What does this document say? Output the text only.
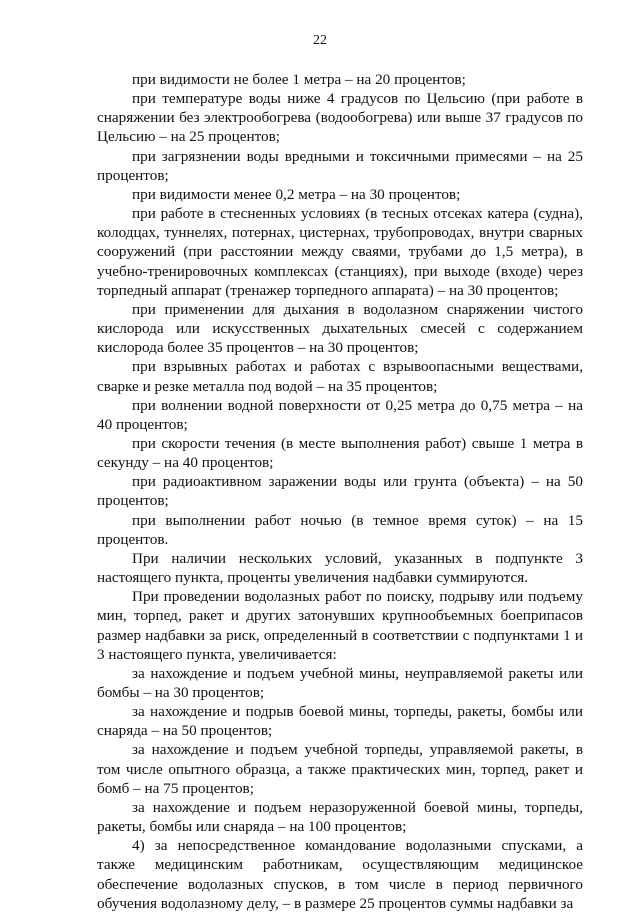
22

при видимости не более 1 метра – на 20 процентов;

при температуре воды ниже 4 градусов по Цельсию (при работе в снаряжении без электрообогрева (водообогрева) или выше 37 градусов по Цельсию – на 25 процентов;

при загрязнении воды вредными и токсичными примесями – на 25 процентов;

при видимости менее 0,2 метра – на 30 процентов;

при работе в стесненных условиях (в тесных отсеках катера (судна), колодцах, туннелях, потернах, цистернах, трубопроводах, внутри сварных сооружений (при расстоянии между сваями, трубами до 1,5 метра), в учебно-тренировочных комплексах (станциях), при выходе (входе) через торпедный аппарат (тренажер торпедного аппарата) – на 30 процентов;

при применении для дыхания в водолазном снаряжении чистого кислорода или искусственных дыхательных смесей с содержанием кислорода более 35 процентов – на 30 процентов;

при взрывных работах и работах с взрывоопасными веществами, сварке и резке металла под водой – на 35 процентов;

при волнении водной поверхности от 0,25 метра до 0,75 метра – на 40 процентов;

при скорости течения (в месте выполнения работ) свыше 1 метра в секунду – на 40 процентов;

при радиоактивном заражении воды или грунта (объекта) – на 50 процентов;

при выполнении работ ночью (в темное время суток) – на 15 процентов.

При наличии нескольких условий, указанных в подпункте 3 настоящего пункта, проценты увеличения надбавки суммируются.

При проведении водолазных работ по поиску, подрыву или подъему мин, торпед, ракет и других затонувших крупнообъемных боеприпасов размер надбавки за риск, определенный в соответствии с подпунктами 1 и 3 настоящего пункта, увеличивается:

за нахождение и подъем учебной мины, неуправляемой ракеты или бомбы – на 30 процентов;

за нахождение и подрыв боевой мины, торпеды, ракеты, бомбы или снаряда – на 50 процентов;

за нахождение и подъем учебной торпеды, управляемой ракеты, в том числе опытного образца, а также практических мин, торпед, ракет и бомб – на 75 процентов;

за нахождение и подъем неразоруженной боевой мины, торпеды, ракеты, бомбы или снаряда – на 100 процентов;

4) за непосредственное командование водолазными спусками, а также медицинским работникам, осуществляющим медицинское обеспечение водолазных спусков, в том числе в период первичного обучения водолазному делу, – в размере 25 процентов суммы надбавки за
